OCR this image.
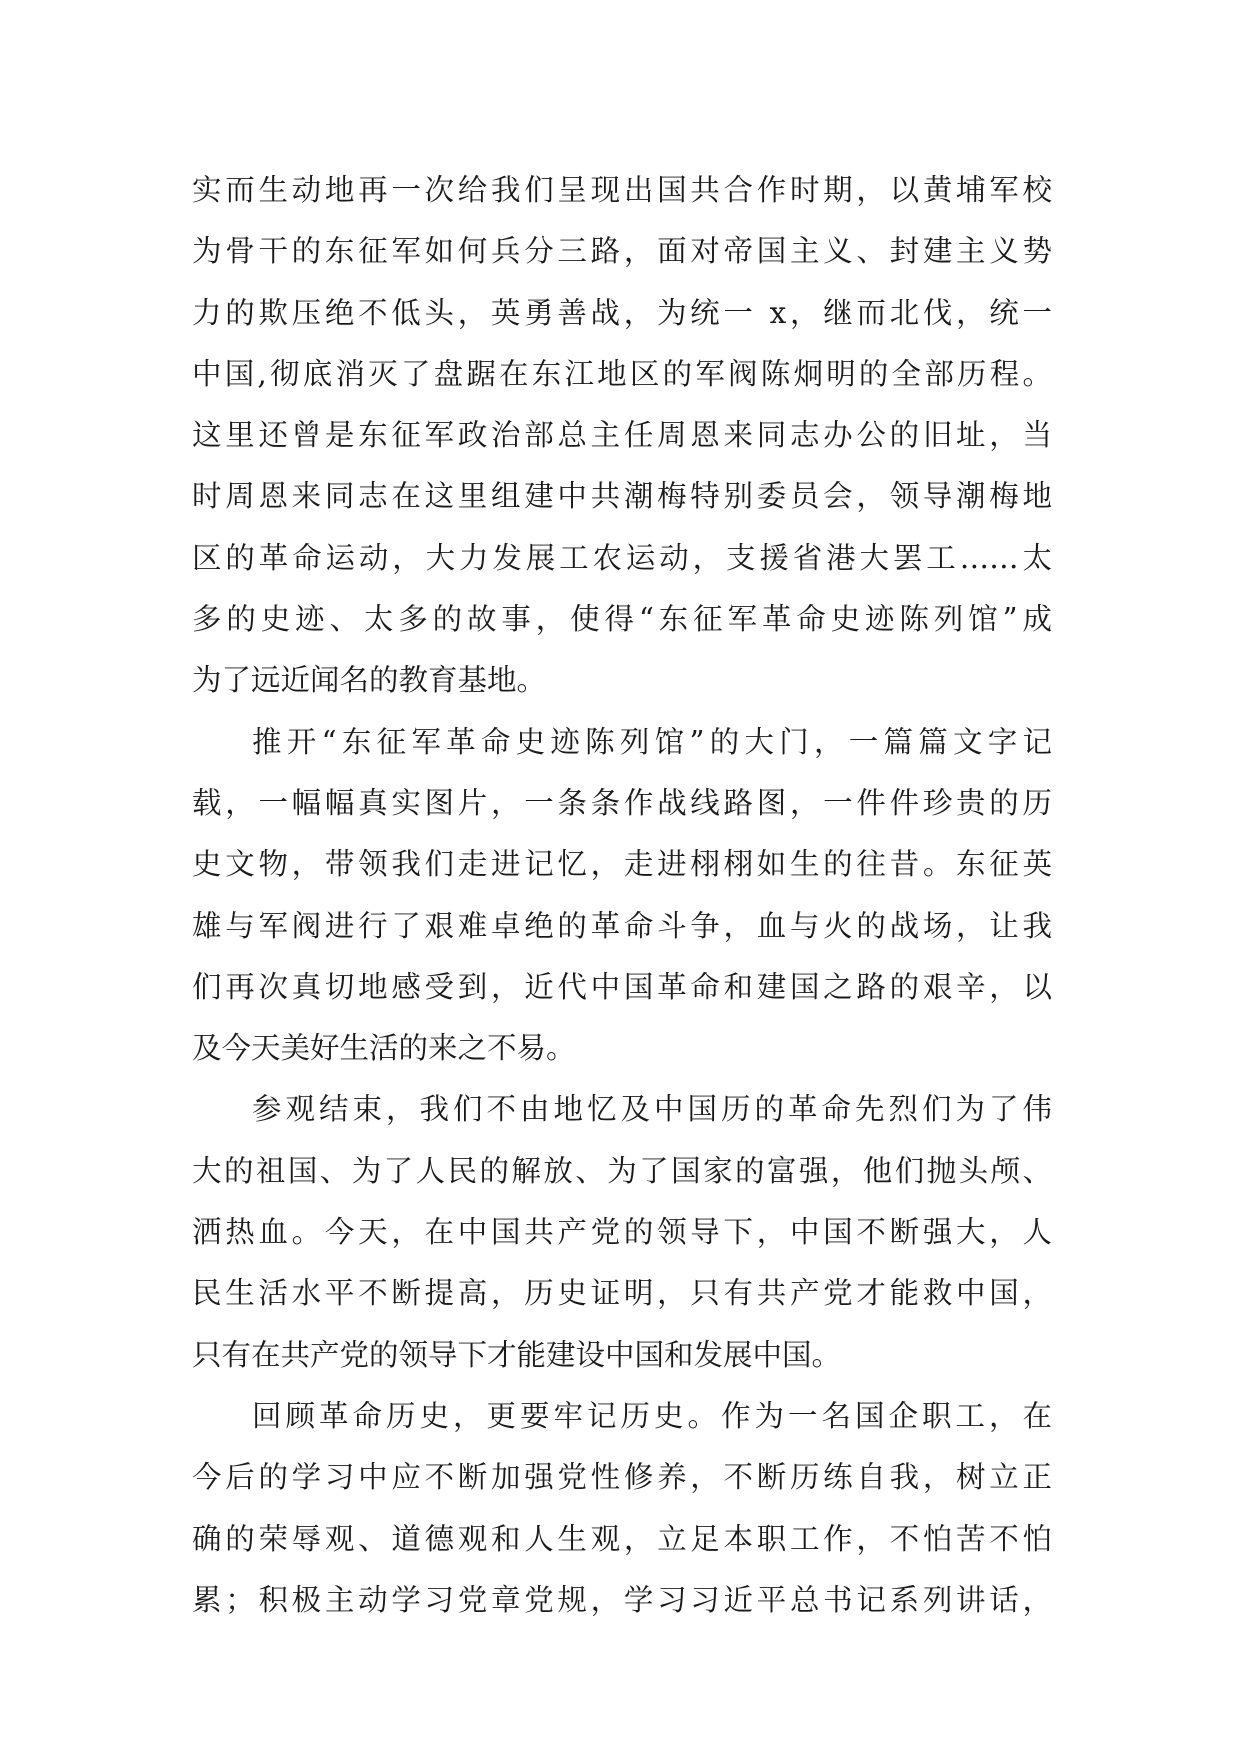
实而生动地再一次给我们呈现出国共合作时期，以黄埔军校
为骨干的东征军如何兵分三路，面对帝国主义、封建主义势
力的欺压绝不低头，英勇善战，为统一 x，继而北伐，统一
中国,彻底消灭了盘踞在东江地区的军阀陈炯明的全部历程。
这里还曾是东征军政治部总主任周恩来同志办公的旧址，当
时周恩来同志在这里组建中共潮梅特别委员会，领导潮梅地
区的革命运动，大力发展工农运动，支援省港大罢工……太
多的史迹、太多的故事，使得“东征军革命史迹陈列馆”成
为了远近闻名的教育基地。
推开“东征军革命史迹陈列馆”的大门，一篇篇文字记
载，一幅幅真实图片，一条条作战线路图，一件件珍贵的历
史文物，带领我们走进记忆，走进栩栩如生的往昔。东征英
雄与军阀进行了艰难卓绝的革命斗争，血与火的战场，让我
们再次真切地感受到，近代中国革命和建国之路的艰辛，以
及今天美好生活的来之不易。
参观结束，我们不由地忆及中国历的革命先烈们为了伟
大的祖国、为了人民的解放、为了国家的富强，他们抛头颅、
洒热血。今天，在中国共产党的领导下，中国不断强大，人
民生活水平不断提高，历史证明，只有共产党才能救中国，
只有在共产党的领导下才能建设中国和发展中国。
回顾革命历史，更要牢记历史。作为一名国企职工，在
今后的学习中应不断加强党性修养，不断历练自我，树立正
确的荣辱观、道德观和人生观，立足本职工作，不怕苦不怕
累；积极主动学习党章党规，学习习近平总书记系列讲话，
